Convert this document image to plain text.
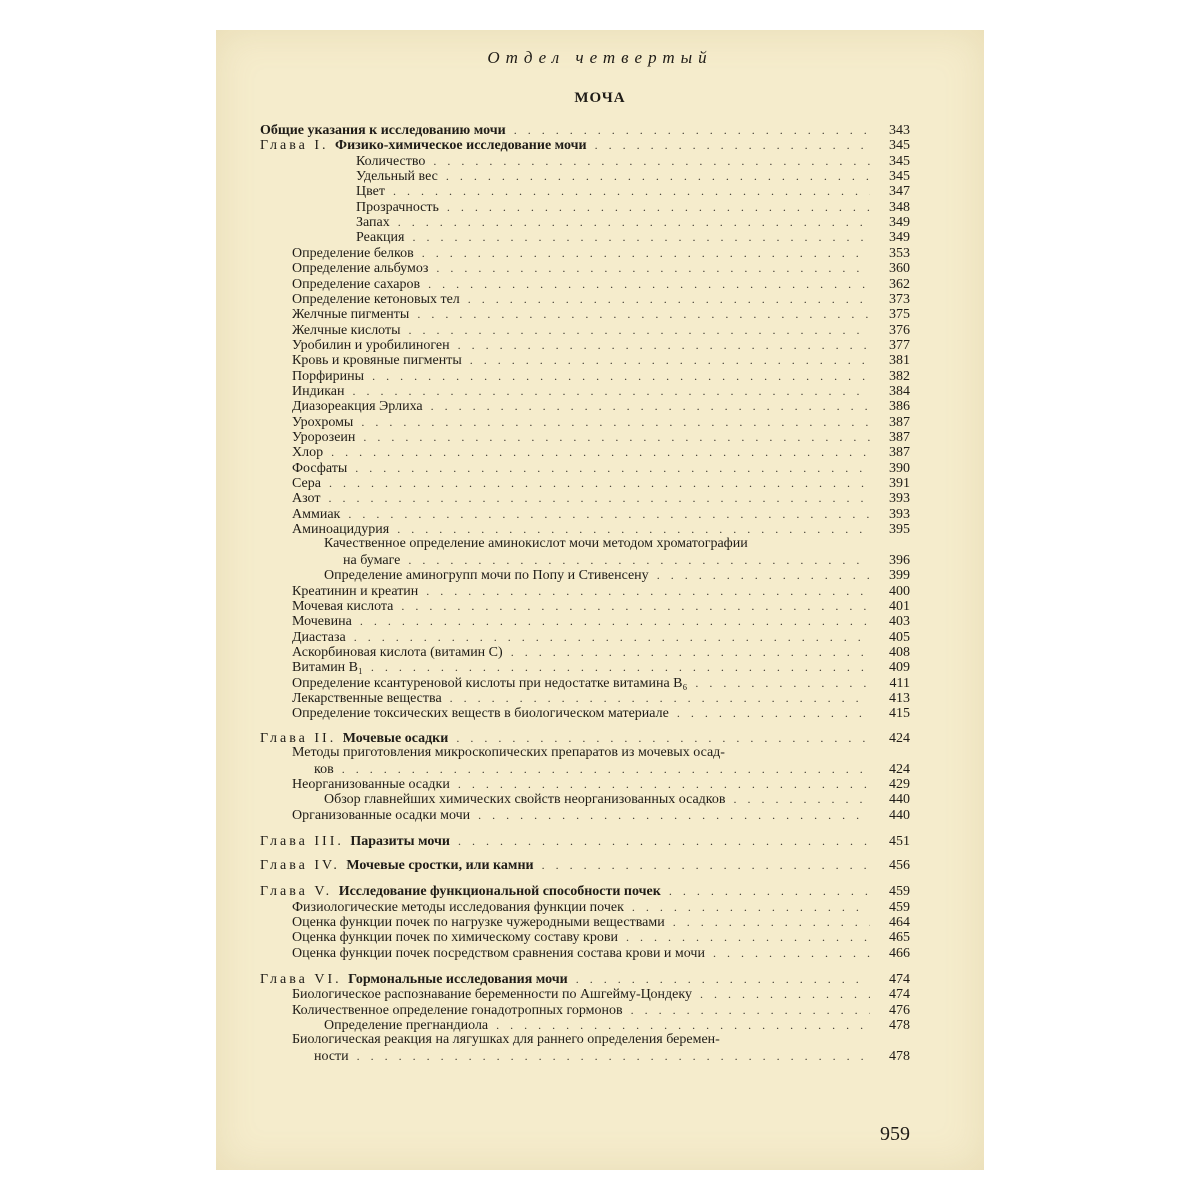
Отдел четвертый
МОЧА
Общие указания к исследованию мочи . . .	343
Глава I. Физико-химическое исследование мочи . . .	345
Количество . . .	345
Удельный вес . . .	345
Цвет . . .	347
Прозрачность . . .	348
Запах . . .	349
Реакция . . .	349
Определение белков . . .	353
Определение альбумоз . . .	360
Определение сахаров . . .	362
Определение кетоновых тел . . .	373
Желчные пигменты . . .	375
Желчные кислоты . . .	376
Уробилин и уробилиноген . . .	377
Кровь и кровяные пигменты . . .	381
Порфирины . . .	382
Индикан . . .	384
Диазореакция Эрлиха . . .	386
Урохромы . . .	387
Уророзеин . . .	387
Хлор . . .	387
Фосфаты . . .	390
Сера . . .	391
Азот . . .	393
Аммиак . . .	393
Аминоацидурия . . .	395
Качественное определение аминокислот мочи методом хроматографии
на бумаге . . .	396
Определение аминогрупп мочи по Попу и Стивенсену . . .	399
Креатинин и креатин . . .	400
Мочевая кислота . . .	401
Мочевина . . .	403
Диастаза . . .	405
Аскорбиновая кислота (витамин С) . . .	408
Витамин B₁ . . .	409
Определение ксантуреновой кислоты при недостатке витамина B₆ . . .	411
Лекарственные вещества . . .	413
Определение токсических веществ в биологическом материале . . .	415
Глава II. Мочевые осадки . . .	424
Методы приготовления микроскопических препаратов из мочевых осад-
ков . . .	424
Неорганизованные осадки . . .	429
Обзор главнейших химических свойств неорганизованных осадков . . .	440
Организованные осадки мочи . . .	440
Глава III. Паразиты мочи . . .	451
Глава IV. Мочевые сростки, или камни . . .	456
Глава V. Исследование функциональной способности почек . . .	459
Физиологические методы исследования функции почек . . .	459
Оценка функции почек по нагрузке чужеродными веществами . . .	464
Оценка функции почек по химическому составу крови . . .	465
Оценка функции почек посредством сравнения состава крови и мочи . . .	466
Глава VI. Гормональные исследования мочи . . .	474
Биологическое распознавание беременности по Ашгейму-Цондеку . . .	474
Количественное определение гонадотропных гормонов . . .	476
Определение прегнандиола . . .	478
Биологическая реакция на лягушках для раннего определения беремен-
ности . . .	478
959
